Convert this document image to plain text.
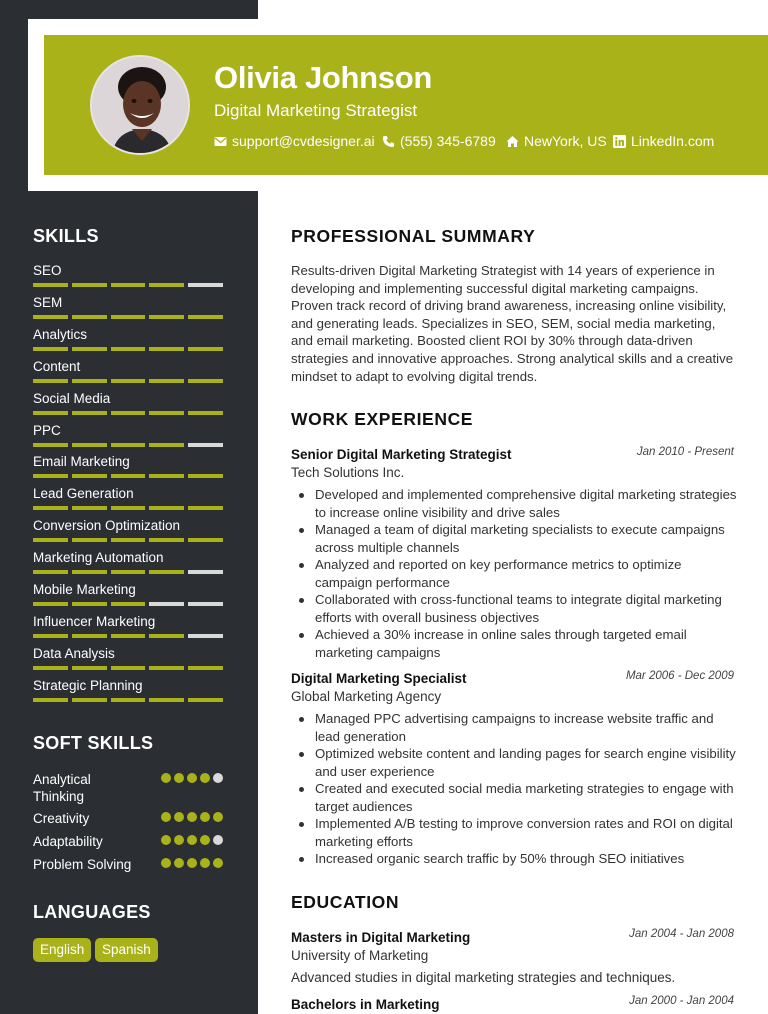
Olivia Johnson
Digital Marketing Strategist
support@cvdesigner.ai (555) 345-6789 NewYork, US LinkedIn.com
SKILLS
SEO
SEM
Analytics
Content
Social Media
PPC
Email Marketing
Lead Generation
Conversion Optimization
Marketing Automation
Mobile Marketing
Influencer Marketing
Data Analysis
Strategic Planning
SOFT SKILLS
Analytical Thinking
Creativity
Adaptability
Problem Solving
LANGUAGES
English	Spanish
PROFESSIONAL SUMMARY
Results-driven Digital Marketing Strategist with 14 years of experience in developing and implementing successful digital marketing campaigns. Proven track record of driving brand awareness, increasing online visibility, and generating leads. Specializes in SEO, SEM, social media marketing, and email marketing. Boosted client ROI by 30% through data-driven strategies and innovative approaches. Strong analytical skills and a creative mindset to adapt to evolving digital trends.
WORK EXPERIENCE
Senior Digital Marketing Strategist	Jan 2010 - Present
Tech Solutions Inc.
Developed and implemented comprehensive digital marketing strategies to increase online visibility and drive sales
Managed a team of digital marketing specialists to execute campaigns across multiple channels
Analyzed and reported on key performance metrics to optimize campaign performance
Collaborated with cross-functional teams to integrate digital marketing efforts with overall business objectives
Achieved a 30% increase in online sales through targeted email marketing campaigns
Digital Marketing Specialist	Mar 2006 - Dec 2009
Global Marketing Agency
Managed PPC advertising campaigns to increase website traffic and lead generation
Optimized website content and landing pages for search engine visibility and user experience
Created and executed social media marketing strategies to engage with target audiences
Implemented A/B testing to improve conversion rates and ROI on digital marketing efforts
Increased organic search traffic by 50% through SEO initiatives
EDUCATION
Masters in Digital Marketing	Jan 2004 - Jan 2008
University of Marketing
Advanced studies in digital marketing strategies and techniques.
Bachelors in Marketing	Jan 2000 - Jan 2004
